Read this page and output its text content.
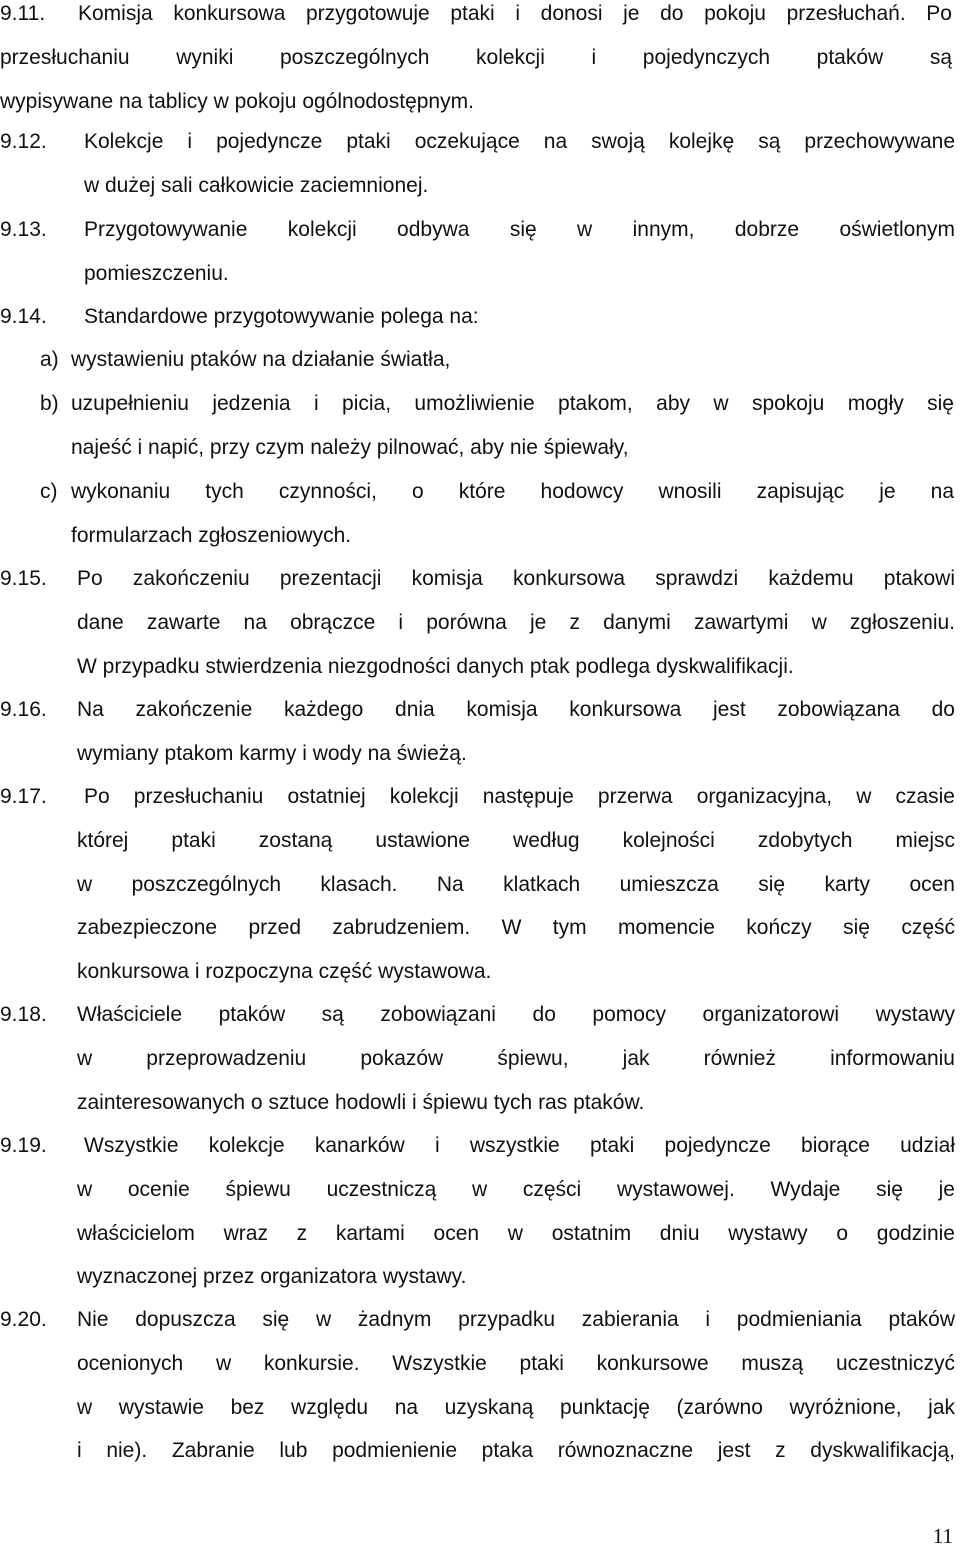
9.11. Komisja konkursowa przygotowuje ptaki i donosi je do pokoju przesłuchań. Po
przesłuchaniu wyniki poszczególnych kolekcji i pojedynczych ptaków są
wypisywane na tablicy w pokoju ogólnodostępnym.
9.12. Kolekcje i pojedyncze ptaki oczekujące na swoją kolejkę są przechowywane
w dużej sali całkowicie zaciemnionej.
9.13. Przygotowywanie kolekcji odbywa się w innym, dobrze oświetlonym
pomieszczeniu.
9.14. Standardowe przygotowywanie polega na:
a) wystawieniu ptaków na działanie światła,
b) uzupełnieniu jedzenia i picia, umożliwienie ptakom, aby w spokoju mogły się
najeść i napić, przy czym należy pilnować, aby nie śpiewały,
c) wykonaniu tych czynności, o które hodowcy wnosili zapisując je na
formularzach zgłoszeniowych.
9.15. Po zakończeniu prezentacji komisja konkursowa sprawdzi każdemu ptakowi
dane zawarte na obrączce i porówna je z danymi zawartymi w zgłoszeniu.
W przypadku stwierdzenia niezgodności danych ptak podlega dyskwalifikacji.
9.16. Na zakończenie każdego dnia komisja konkursowa jest zobowiązana do
wymiany ptakom karmy i wody na świeżą.
9.17. Po przesłuchaniu ostatniej kolekcji następuje przerwa organizacyjna, w czasie
której ptaki zostaną ustawione według kolejności zdobytych miejsc
w poszczególnych klasach. Na klatkach umieszcza się karty ocen
zabezpieczone przed zabrudzeniem. W tym momencie kończy się część
konkursowa i rozpoczyna część wystawowa.
9.18. Właściciele ptaków są zobowiązani do pomocy organizatorowi wystawy
w przeprowadzeniu pokazów śpiewu, jak również informowaniu
zainteresowanych o sztuce hodowli i śpiewu tych ras ptaków.
9.19. Wszystkie kolekcje kanarków i wszystkie ptaki pojedyncze biorące udział
w ocenie śpiewu uczestniczą w części wystawowej. Wydaje się je
właścicielom wraz z kartami ocen w ostatnim dniu wystawy o godzinie
wyznaczonej przez organizatora wystawy.
9.20. Nie dopuszcza się w żadnym przypadku zabierania i podmieniania ptaków
ocenionych w konkursie. Wszystkie ptaki konkursowe muszą uczestniczyć
w wystawie bez względu na uzyskaną punktację (zarówno wyróżnione, jak
i nie). Zabranie lub podmienienie ptaka równoznaczne jest z dyskwalifikacją,
11
